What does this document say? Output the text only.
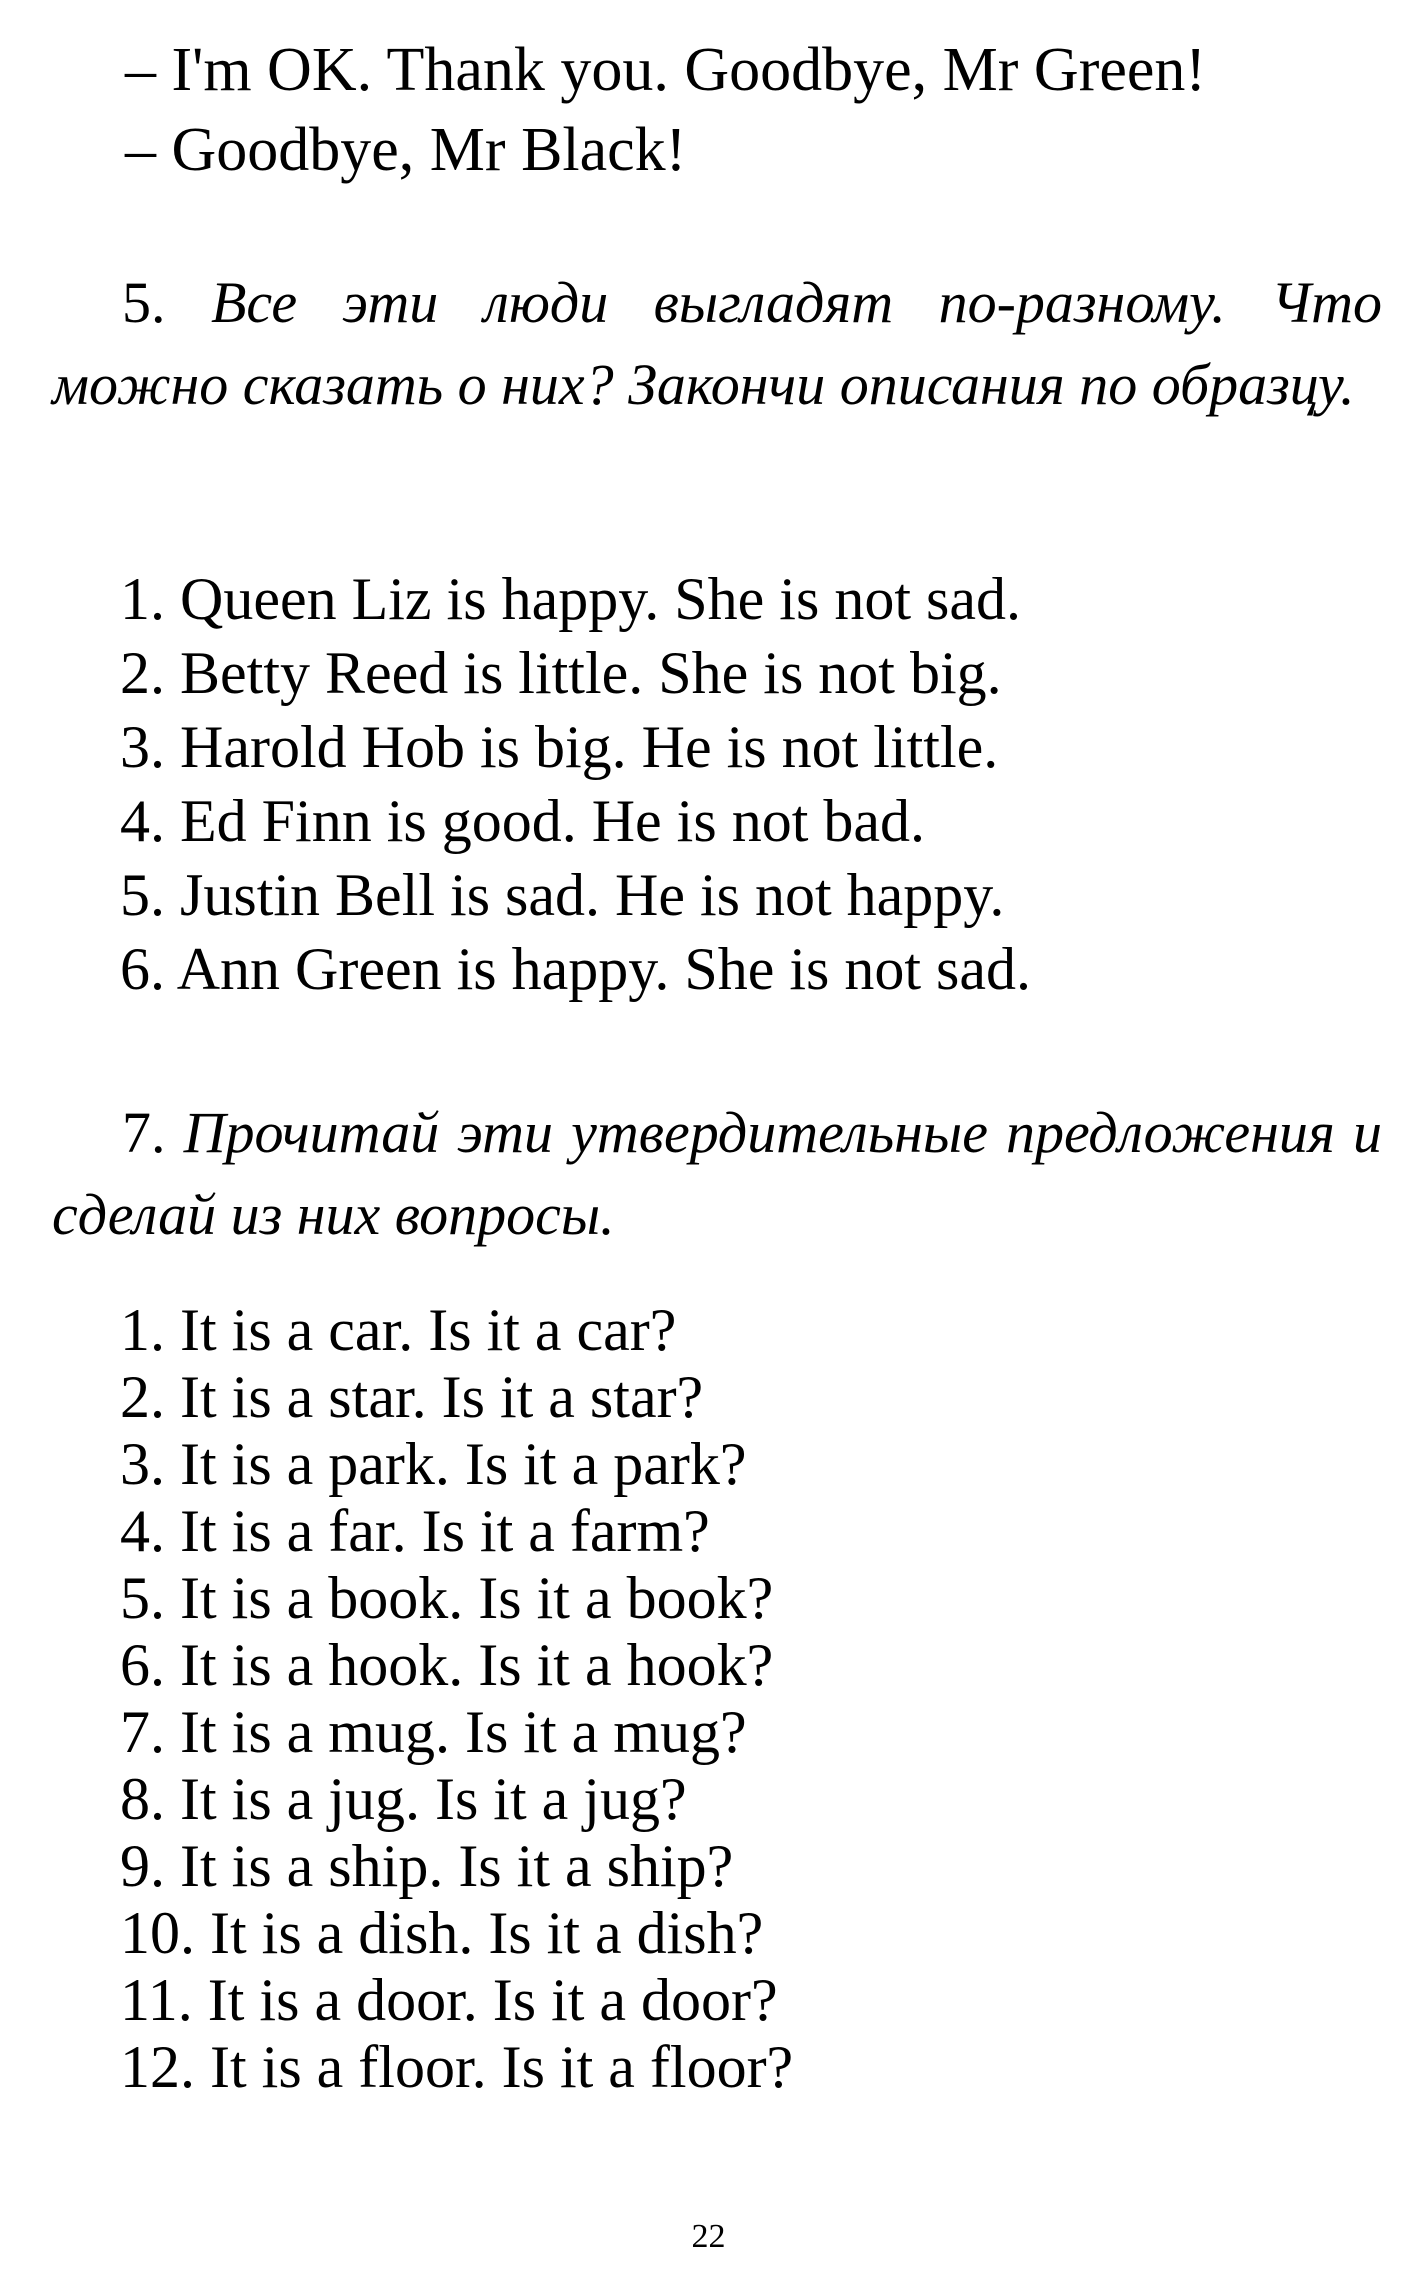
– I'm OK. Thank you. Goodbye, Mr Green!
– Goodbye, Mr Black!
5. Все эти люди выгладят по-разному. Что можно сказать о них? Закончи описания по образцу.
1. Queen Liz is happy. She is not sad.
2. Betty Reed is little. She is not big.
3. Harold Hob is big. He is not little.
4. Ed Finn is good. He is not bad.
5. Justin Bell is sad. He is not happy.
6. Ann Green is happy. She is not sad.
7. Прочитай эти утвердительные предложения и сделай из них вопросы.
1. It is a car. Is it a car?
2. It is a star. Is it a star?
3. It is a park. Is it a park?
4. It is a far. Is it a farm?
5. It is a book. Is it a book?
6. It is a hook. Is it a hook?
7. It is a mug. Is it a mug?
8. It is a jug. Is it a jug?
9. It is a ship. Is it a ship?
10. It is a dish. Is it a dish?
11. It is a door. Is it a door?
12. It is a floor. Is it a floor?
22
